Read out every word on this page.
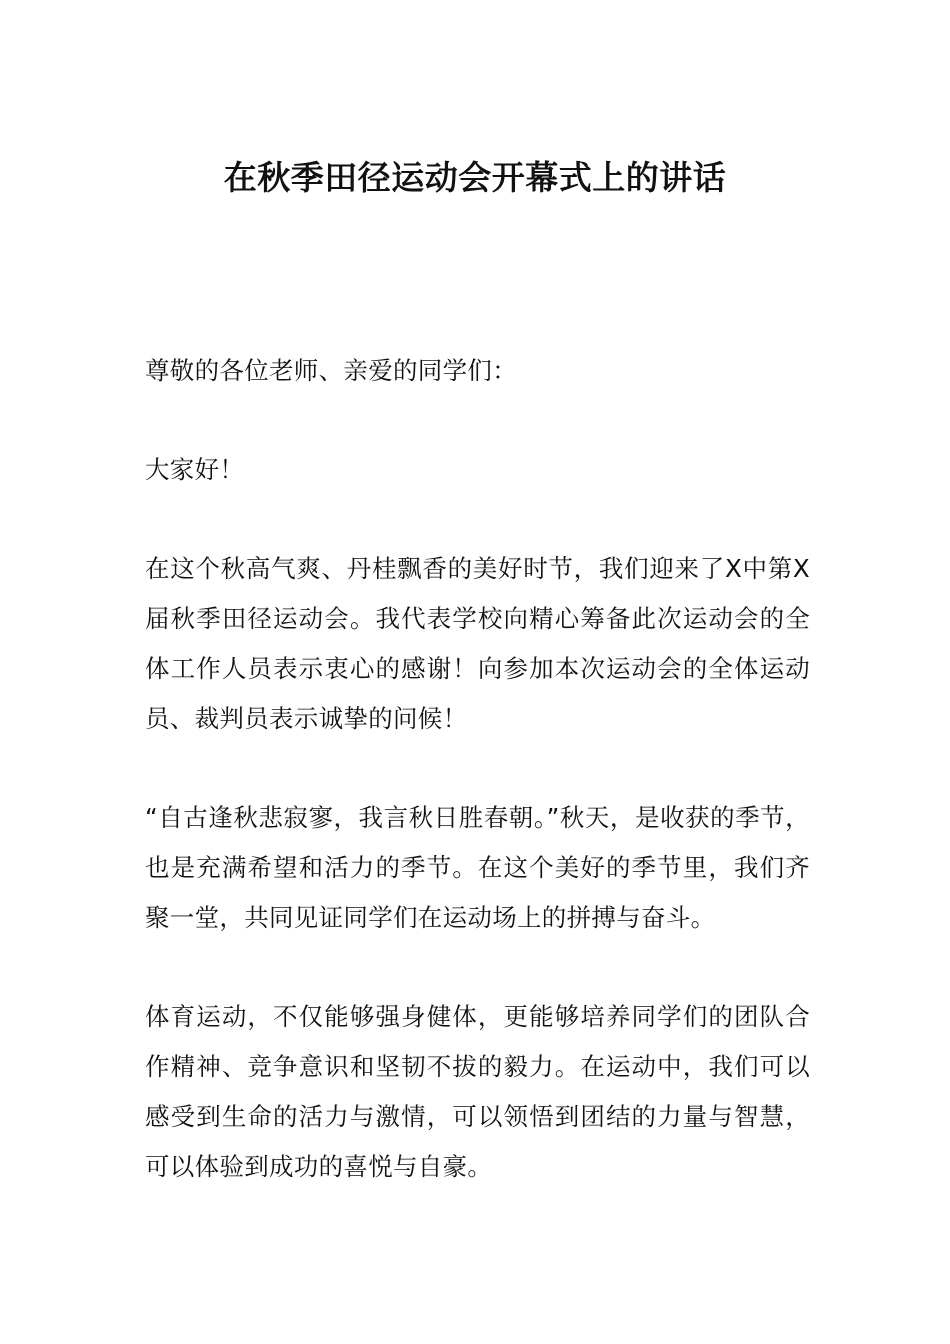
在秋季田径运动会开幕式上的讲话

尊敬的各位老师、亲爱的同学们：

大家好！

在这个秋高气爽、丹桂飘香的美好时节，我们迎来了X中第X届秋季田径运动会。我代表学校向精心筹备此次运动会的全体工作人员表示衷心的感谢！向参加本次运动会的全体运动员、裁判员表示诚挚的问候！

“自古逢秋悲寂寥，我言秋日胜春朝。”秋天，是收获的季节，也是充满希望和活力的季节。在这个美好的季节里，我们齐聚一堂，共同见证同学们在运动场上的拼搏与奋斗。

体育运动，不仅能够强身健体，更能够培养同学们的团队合作精神、竞争意识和坚韧不拔的毅力。在运动中，我们可以感受到生命的活力与激情，可以领悟到团结的力量与智慧，可以体验到成功的喜悦与自豪。
